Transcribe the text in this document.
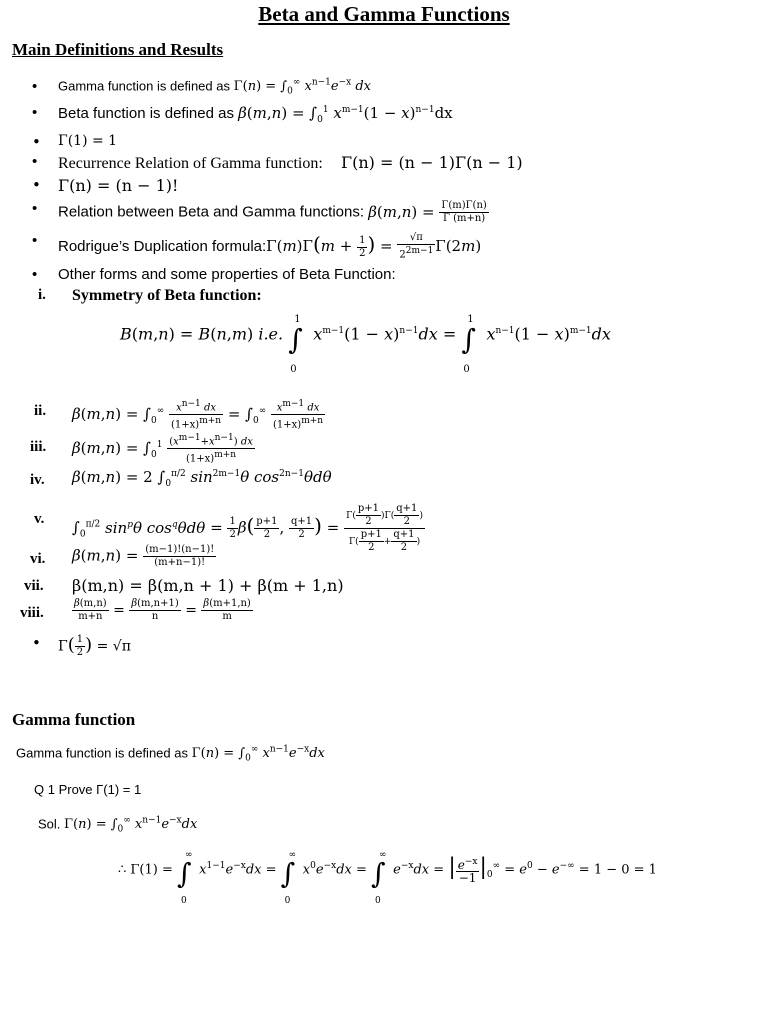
Beta and Gamma Functions
Main Definitions and Results
• Gamma function is defined as $\Gamma(n) = \int_0^\infty$ $x^{n-1}e^{-x}$ dx
• Beta function is defined as $\beta(m,n) = \int_0^1$ $x^{m-1}(1 - x)^{n-1}dx$
• Γ(1) = 1
• Recurrence Relation of Gamma function: Γ(n) = (n − 1)Γ(n − 1)
• Γ(n) = (n − 1)!
• Relation between Beta and Gamma functions: $\beta(m,n) = \frac{\Gamma(m)\Gamma(n)}{\Gamma (m+n)}$
• Rodrigue’s Duplication formula:Γ(m)Γ(m + $\frac{1}{2}$ ) = $\frac{√\pi}{2^{2m-1}} \Gamma(2m)$
• Other forms and some properties of Beta Function:
i. Symmetry of Beta function:
B(m,n) = B(n,m) i.e.
1
∫
0
$x^{m-1}(1 - x)^{n-1}dx$ =
1
∫
0
$x^{n-1}(1 - x)^{m-1}dx$
ii. $\beta(m,n) = \int_0^\infty \frac{x^{n-1} dx}{(1+x)^{m+n}} = \int_0^\infty \frac{x^{m-1} dx}{(1+x)^{m+n}}$
iii. $\beta(m,n) = \int_0^1 \frac{(x^{m-1}+x^{n-1}) dx}{(1+x)^{m+n}}$
iv. β(m,n) = 2 $\int_0^{\pi/2}$ $\sin^{2m-1}\theta$ $\cos^{2n-1}\theta d\theta$
v. $\int_0^{\pi/2}$ $\sin^p\theta$ $\cos^q\theta d\theta = \frac{1}{2} \beta( \frac{p+1}{2}$ , $\frac{q+1}{2}$ ) = $\frac{\Gamma( \frac{p+1}{2} )\Gamma( \frac{q+1}{2} )}{\Gamma( \frac{p+1}{2} + \frac{q+1}{2} )}$
vi. $\beta(m,n) = \frac{(m-1)!(n-1)!}{(m+n-1)!}$
vii. β(m,n) = β(m,n + 1) + β(m + 1,n)
viii.	$\frac{\beta(m,n)}{m+n} = \frac{\beta(m,n+1)}{n} = \frac{\beta(m+1,n)}{m}$
• $\Gamma( \frac{1}{2}$ ) = √π
Gamma function
Gamma function is defined as $\Gamma(n) = \int_0^\infty$ $x^{n-1}e^{-x}dx$
Q 1 Prove Γ(1) = 1
Sol. $\Gamma(n) = \int_0^\infty$ $x^{n-1}e^{-x}dx$
∴ Γ(1) =
∞
∫
0
$x^{1-1}e^{-x}dx$ =
∞
∫
0
$x^0e^{-x}dx$ =
∞
∫
0
$e^{-x}dx$ = | $\frac{e^{-x}}{-1} |_0^\infty = e^0 - e^{-\infty} = 1 - 0 = 1$
